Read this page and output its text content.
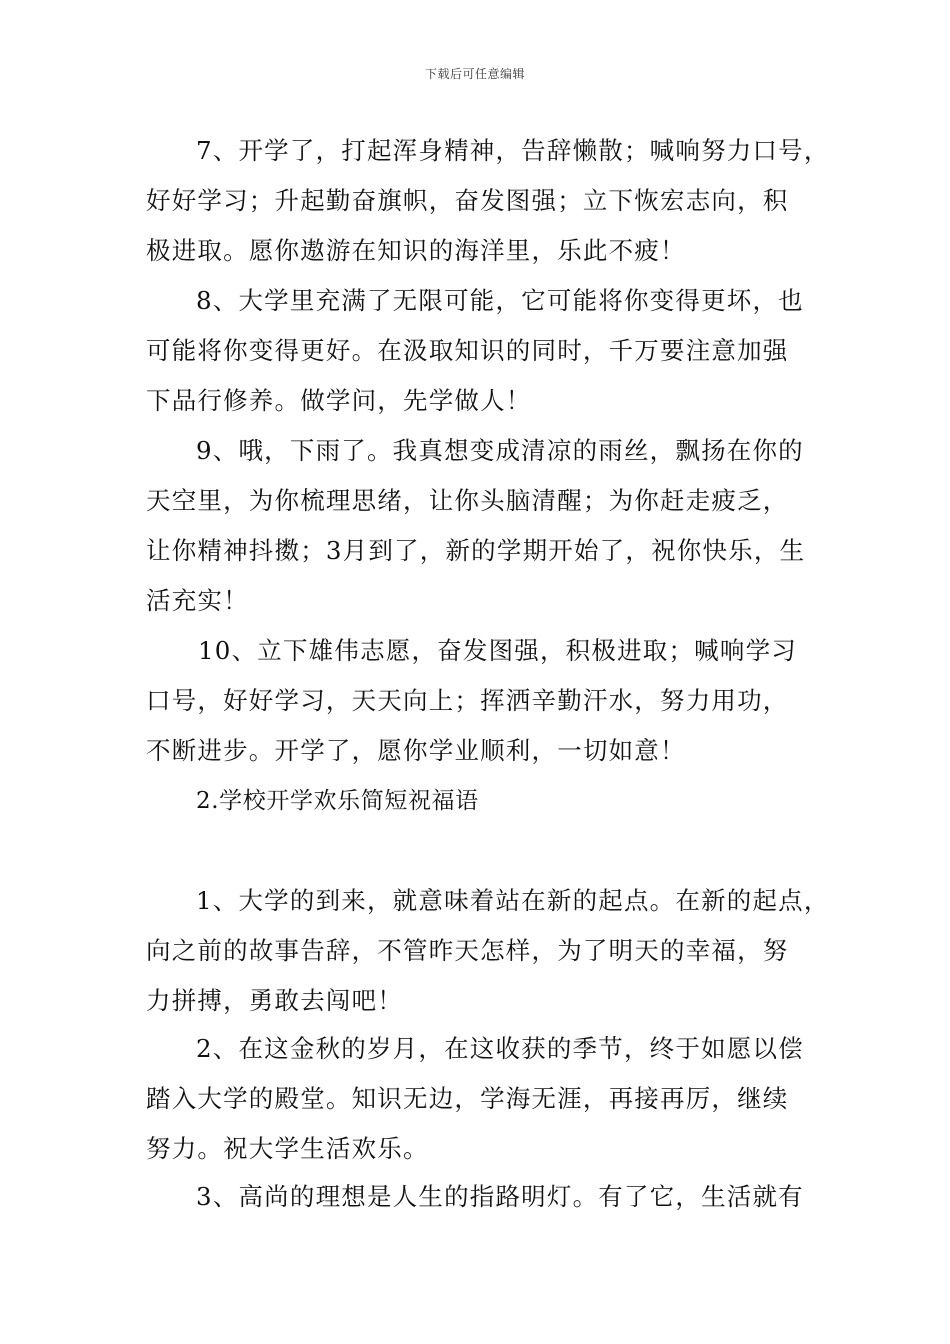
下载后可任意编辑
7、开学了，打起浑身精神，告辞懒散；喊响努力口号，
好好学习；升起勤奋旗帜，奋发图强；立下恢宏志向，积
极进取。愿你遨游在知识的海洋里，乐此不疲！
8、大学里充满了无限可能，它可能将你变得更坏，也
可能将你变得更好。在汲取知识的同时，千万要注意加强
下品行修养。做学问，先学做人！
9、哦，下雨了。我真想变成清凉的雨丝，飘扬在你的
天空里，为你梳理思绪，让你头脑清醒；为你赶走疲乏，
让你精神抖擞；3月到了，新的学期开始了，祝你快乐，生
活充实！
10、立下雄伟志愿，奋发图强，积极进取；喊响学习
口号，好好学习，天天向上；挥洒辛勤汗水，努力用功，
不断进步。开学了，愿你学业顺利，一切如意！
2.学校开学欢乐简短祝福语
1、大学的到来，就意味着站在新的起点。在新的起点，
向之前的故事告辞，不管昨天怎样，为了明天的幸福，努
力拼搏，勇敢去闯吧！
2、在这金秋的岁月，在这收获的季节，终于如愿以偿
踏入大学的殿堂。知识无边，学海无涯，再接再厉，继续
努力。祝大学生活欢乐。
3、高尚的理想是人生的指路明灯。有了它，生活就有
